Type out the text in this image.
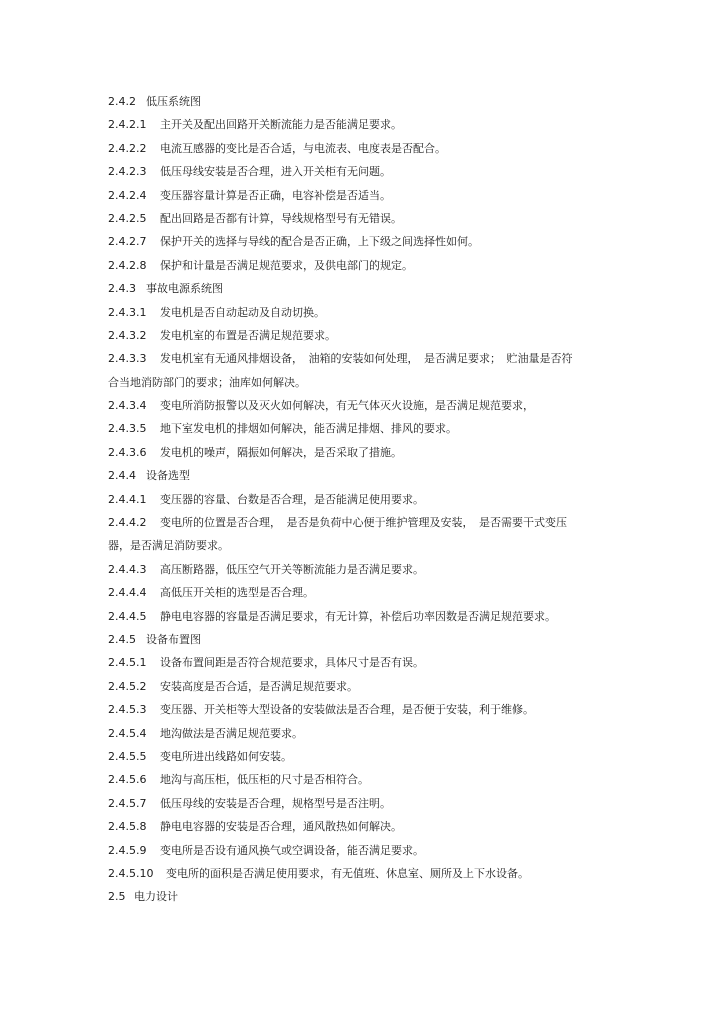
2.4.2 低压系统图
2.4.2.1 主开关及配出回路开关断流能力是否能满足要求。
2.4.2.2 电流互感器的变比是否合适，与电流表、电度表是否配合。
2.4.2.3 低压母线安装是否合理，进入开关柜有无问题。
2.4.2.4 变压器容量计算是否正确，电容补偿是否适当。
2.4.2.5 配出回路是否都有计算，导线规格型号有无错误。
2.4.2.7 保护开关的选择与导线的配合是否正确，上下级之间选择性如何。
2.4.2.8 保护和计量是否满足规范要求，及供电部门的规定。
2.4.3 事故电源系统图
2.4.3.1 发电机是否自动起动及自动切换。
2.4.3.2 发电机室的布置是否满足规范要求。
2.4.3.3 发电机室有无通风排烟设备，　油箱的安装如何处理，　是否满足要求；　贮油量是否符
合当地消防部门的要求；油库如何解决。
2.4.3.4 变电所消防报警以及灭火如何解决，有无气体灭火设施，是否满足规范要求，
2.4.3.5 地下室发电机的排烟如何解决，能否满足排烟、排风的要求。
2.4.3.6 发电机的噪声，隔振如何解决，是否采取了措施。
2.4.4 设备选型
2.4.4.1 变压器的容量、台数是否合理，是否能满足使用要求。
2.4.4.2 变电所的位置是否合理，　是否是负荷中心便于维护管理及安装，　是否需要干式变压
器，是否满足消防要求。
2.4.4.3 高压断路器，低压空气开关等断流能力是否满足要求。
2.4.4.4 高低压开关柜的选型是否合理。
2.4.4.5 静电电容器的容量是否满足要求，有无计算，补偿后功率因数是否满足规范要求。
2.4.5 设备布置图
2.4.5.1 设备布置间距是否符合规范要求，具体尺寸是否有误。
2.4.5.2 安装高度是否合适，是否满足规范要求。
2.4.5.3 变压器、开关柜等大型设备的安装做法是否合理，是否便于安装，利于维修。
2.4.5.4 地沟做法是否满足规范要求。
2.4.5.5 变电所进出线路如何安装。
2.4.5.6 地沟与高压柜，低压柜的尺寸是否相符合。
2.4.5.7 低压母线的安装是否合理，规格型号是否注明。
2.4.5.8 静电电容器的安装是否合理，通风散热如何解决。
2.4.5.9 变电所是否设有通风换气或空调设备，能否满足要求。
2.4.5.10 变电所的面积是否满足使用要求，有无值班、休息室、厕所及上下水设备。
2.5 电力设计
